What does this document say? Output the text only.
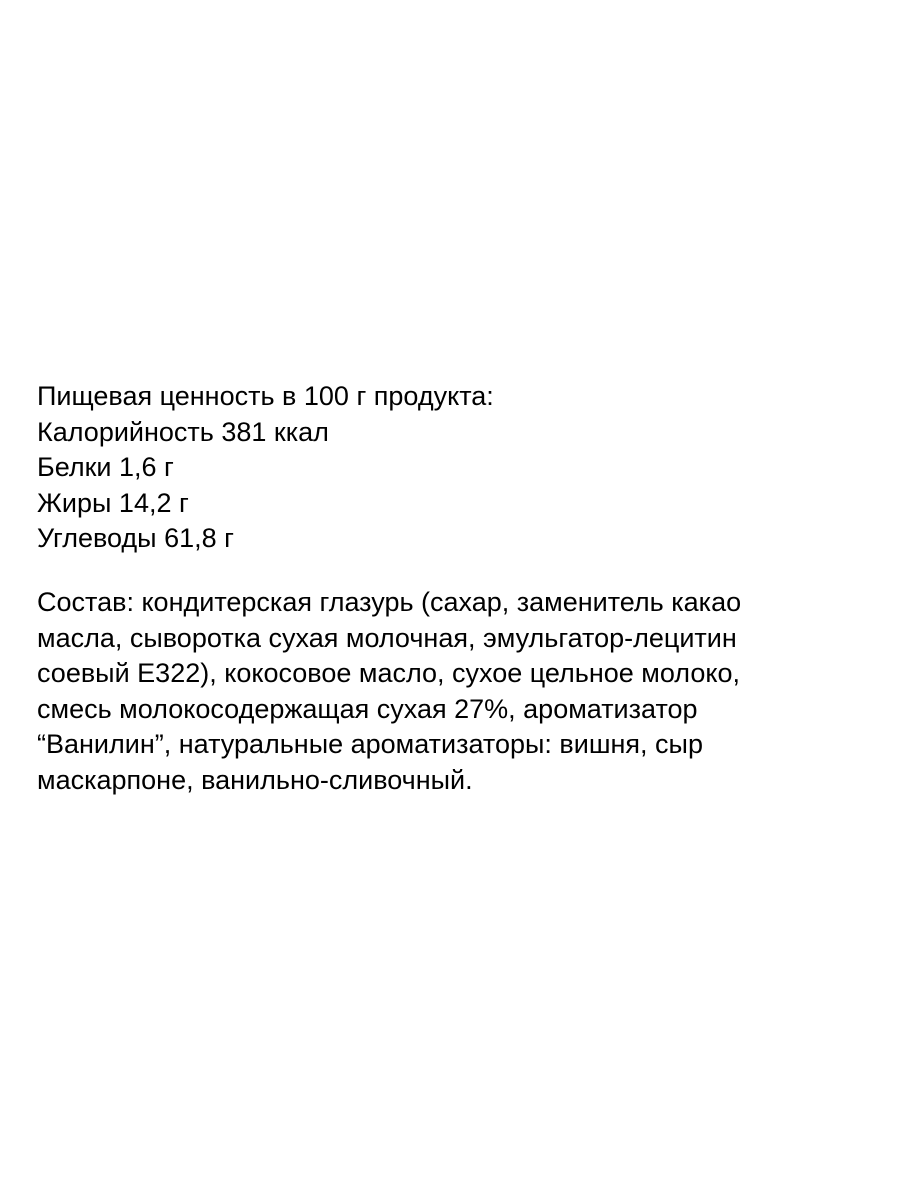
Пищевая ценность в 100 г продукта:
Калорийность 381 ккал
Белки 1,6 г
Жиры 14,2 г
Углеводы 61,8 г
Состав: кондитерская глазурь (сахар, заменитель какао
масла, сыворотка сухая молочная, эмульгатор-лецитин
соевый Е322), кокосовое масло, сухое цельное молоко,
смесь молокосодержащая сухая 27%, ароматизатор
“Ванилин”, натуральные ароматизаторы: вишня, сыр
маскарпоне, ванильно-сливочный.
